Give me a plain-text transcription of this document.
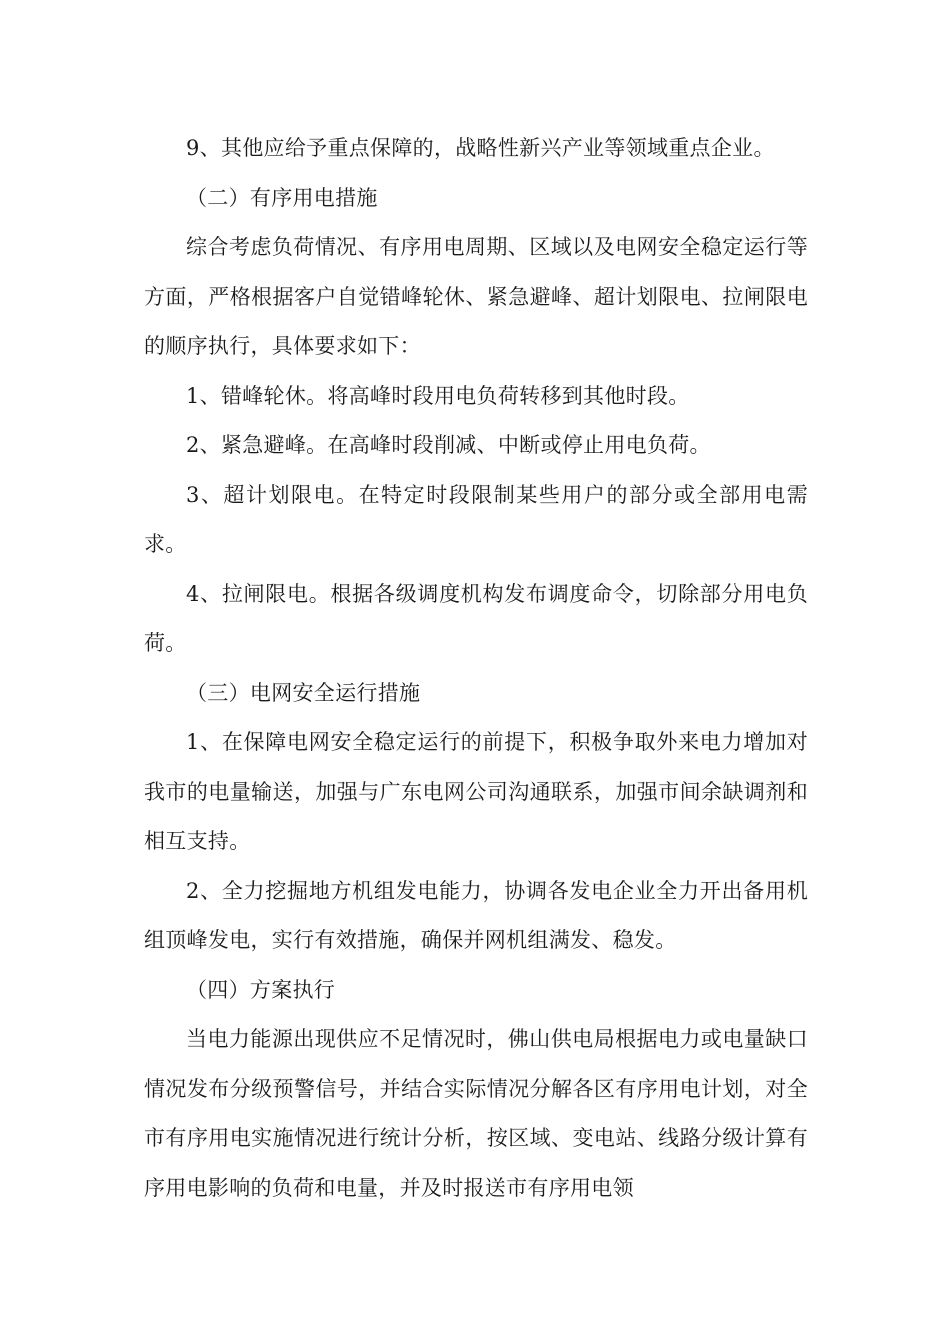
9、其他应给予重点保障的，战略性新兴产业等领域重点企业。

（二）有序用电措施

综合考虑负荷情况、有序用电周期、区域以及电网安全稳定运行等方面，严格根据客户自觉错峰轮休、紧急避峰、超计划限电、拉闸限电的顺序执行，具体要求如下：

1、错峰轮休。将高峰时段用电负荷转移到其他时段。

2、紧急避峰。在高峰时段削减、中断或停止用电负荷。

3、超计划限电。在特定时段限制某些用户的部分或全部用电需求。

4、拉闸限电。根据各级调度机构发布调度命令，切除部分用电负荷。

（三）电网安全运行措施

1、在保障电网安全稳定运行的前提下，积极争取外来电力增加对我市的电量输送，加强与广东电网公司沟通联系，加强市间余缺调剂和相互支持。

2、全力挖掘地方机组发电能力，协调各发电企业全力开出备用机组顶峰发电，实行有效措施，确保并网机组满发、稳发。

（四）方案执行

当电力能源出现供应不足情况时，佛山供电局根据电力或电量缺口情况发布分级预警信号，并结合实际情况分解各区有序用电计划，对全市有序用电实施情况进行统计分析，按区域、变电站、线路分级计算有序用电影响的负荷和电量，并及时报送市有序用电领
